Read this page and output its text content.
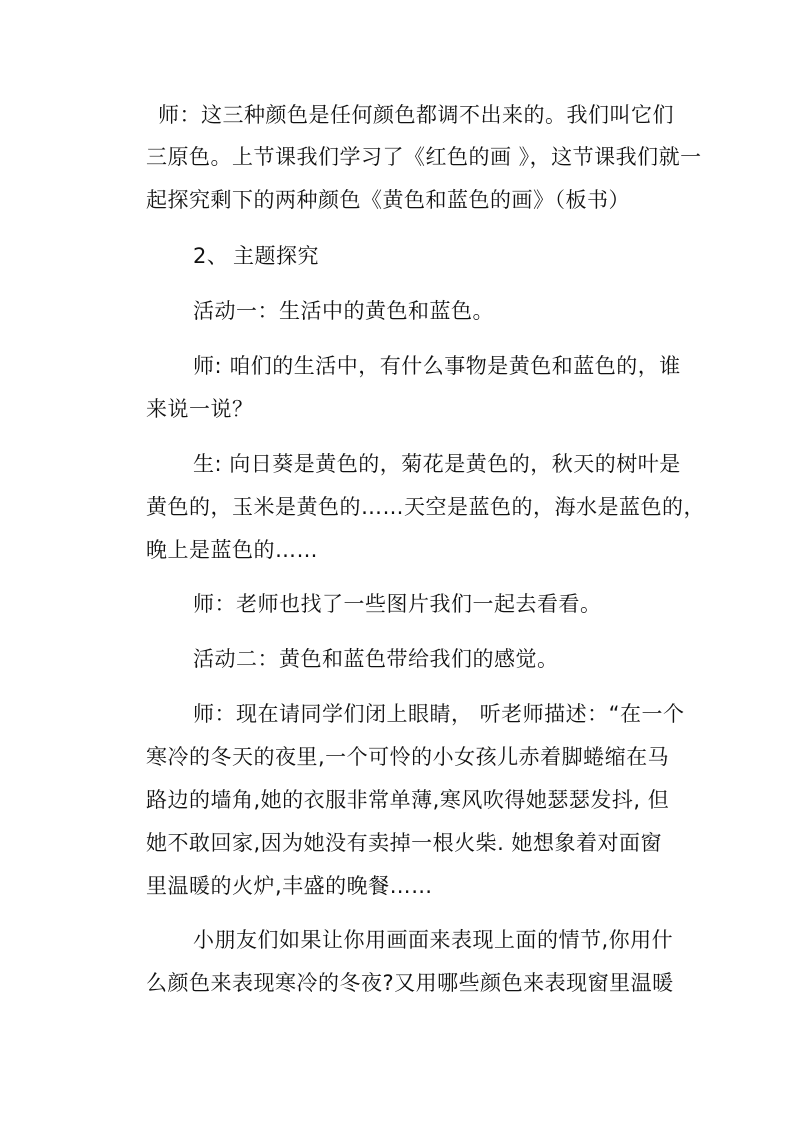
师：这三种颜色是任何颜色都调不出来的。我们叫它们
三原色。上节课我们学习了《红色的画 》，这节课我们就一
起探究剩下的两种颜色《黄色和蓝色的画》（板书）
2、 主题探究
活动一：生活中的黄色和蓝色。
师: 咱们的生活中，有什么事物是黄色和蓝色的，谁
来说一说？
生: 向日葵是黄色的，菊花是黄色的，秋天的树叶是
黄色的，玉米是黄色的……天空是蓝色的，海水是蓝色的，
晚上是蓝色的……
师：老师也找了一些图片我们一起去看看。
活动二：黄色和蓝色带给我们的感觉。
师：现在请同学们闭上眼睛， 听老师描述：“在一个
寒冷的冬天的夜里,一个可怜的小女孩儿赤着脚蜷缩在马
路边的墙角,她的衣服非常单薄,寒风吹得她瑟瑟发抖, 但
她不敢回家,因为她没有卖掉一根火柴. 她想象着对面窗
里温暖的火炉,丰盛的晚餐……
小朋友们如果让你用画面来表现上面的情节,你用什
么颜色来表现寒冷的冬夜?又用哪些颜色来表现窗里温暖
